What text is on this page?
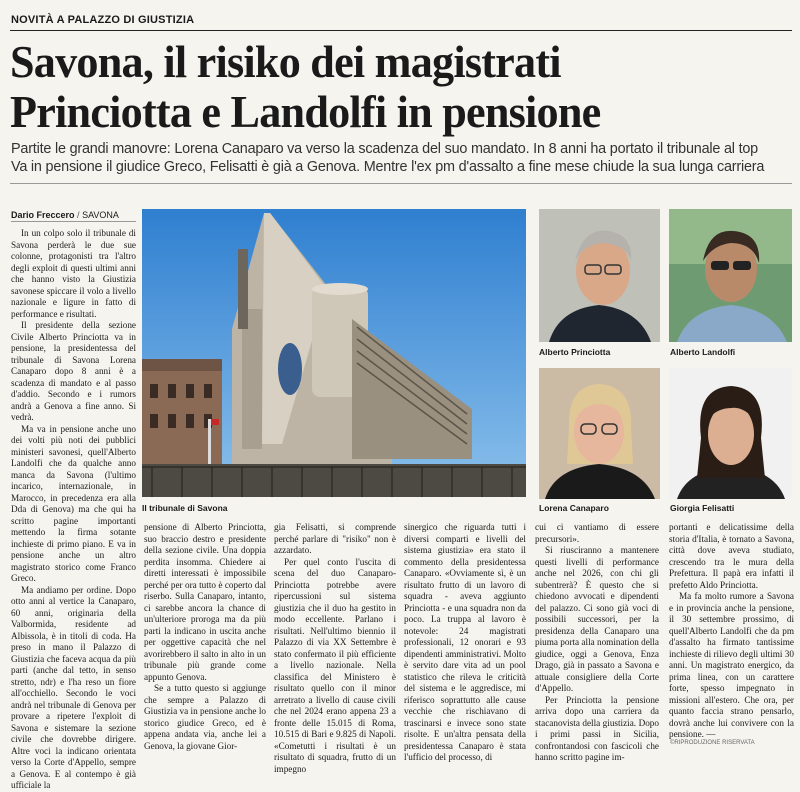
NOVITÀ A PALAZZO DI GIUSTIZIA
Savona, il risiko dei magistrati
Princiotta e Landolfi in pensione
Partite le grandi manovre: Lorena Canaparo va verso la scadenza del suo mandato. In 8 anni ha portato il tribunale al top
Va in pensione il giudice Greco, Felisatti è già a Genova. Mentre l'ex pm d'assalto a fine mese chiude la sua lunga carriera
Dario Freccero / SAVONA
Il tribunale di Savona
Alberto Princiotta	Alberto Landolfi
Lorena Canaparo	Giorgia Felisatti

In un colpo solo il tribunale di Savona perderà le due sue colonne, protagonisti tra l'altro degli exploit di questi ultimi anni che hanno visto la Giustizia savonese spiccare il volo a livello nazionale e ligure in fatto di performance e risultati.

Il presidente della sezione Civile Alberto Princiotta va in pensione, la presidentessa del tribunale di Savona Lorena Canaparo dopo 8 anni è a scadenza di mandato e al passo d'addio. Secondo e i rumors andrà a Genova a fine anno. Si vedrà.

Ma va in pensione anche uno dei volti più noti dei pubblici ministeri savonesi, quell'Alberto Landolfi che da qualche anno manca da Savona (l'ultimo incarico, internazionale, in Marocco, in precedenza era alla Dda di Genova) ma che qui ha scritto pagine importanti mettendo la firma sotante inchieste di primo piano. E va in pensione anche un altro magistrato storico come Franco Greco.

Ma andiamo per ordine. Dopo otto anni al vertice la Canaparo, 60 anni, originaria della Valbormida, residente ad Albissola, è in titoli di coda. Ha preso in mano il Palazzo di Giustizia che faceva acqua da più parti (anche dal tetto, in senso stretto, ndr) e l'ha reso un fiore all'occhiello. Secondo le voci andrà nel tribunale di Genova per provare a ripetere l'exploit di Savona e sistemare la sezione civile che dovrebbe dirigere. Altre voci la indicano orientata verso la Corte d'Appello, sempre a Genova. E al contempo è già ufficiale la

pensione di Alberto Princiotta, suo braccio destro e presidente della sezione civile. Una doppia perdita insomma. Chiedere ai diretti interessati è impossibile perché per ora tutto è coperto dal riserbo. Sulla Canaparo, intanto, ci sarebbe ancora la chance di un'ulteriore proroga ma da più parti la indicano in uscita anche per oggettive capacità che nel avorirebbero il salto in alto in un tribunale più grande come appunto Genova.

Se a tutto questo si aggiunge che sempre a Palazzo di Giustizia va in pensione anche lo storico giudice Greco, ed è appena andata via, anche lei a Genova, la giovane Gior-

gia Felisatti, si comprende perché parlare di "risiko" non è azzardato.

Per quel conto l'uscita di scena del duo Canaparo-Princiotta potrebbe avere ripercussioni sul sistema giustizia che il duo ha gestito in modo eccellente. Parlano i risultati. Nell'ultimo biennio il Palazzo di via XX Settembre è stato confermato il più efficiente a livello nazionale. Nella classifica del Ministero è risultato quello con il minor arretrato a livello di cause civili che nel 2024 erano appena 23 a fronte delle 15.015 di Roma, 10.515 di Bari e 9.825 di Napoli. «Cometutti i risultati è un risultato di squadra, frutto di un impegno

sinergico che riguarda tutti i diversi comparti e livelli del sistema giustizia» era stato il commento della presidentessa Canaparo. «Ovviamente sì, è un risultato frutto di un lavoro di squadra - aveva aggiunto Princiotta - e una squadra non da poco. La truppa al lavoro è notevole: 24 magistrati professionali, 12 onorari e 93 dipendenti amministrativi. Molto è servito dare vita ad un pool statistico che rileva le criticità del sistema e le aggredisce, mi riferisco soprattutto alle cause vecchie che rischiavano di trascinarsi e invece sono state risolte. E un'altra pensata della presidentessa Canaparo è stata l'ufficio del processo, di

cui ci vantiamo di essere precursori».

Si riusciranno a mantenere questi livelli di performance anche nel 2026, con chi gli subentrerà? È questo che si chiedono avvocati e dipendenti del palazzo. Ci sono già voci di possibili successori, per la presidenza della Canaparo una piuma porta alla nomination della giudice, oggi a Genova, Enza Drago, già in passato a Savona e attuale consigliere della Corte d'Appello.

Per Princiotta la pensione arriva dopo una carriera da stacanovista della giustizia. Dopo i primi passi in Sicilia, confrontandosi con fascicoli che hanno scritto pagine im-

portanti e delicatissime della storia d'Italia, è tornato a Savona, città dove aveva studiato, crescendo tra le mura della Prefettura. Il papà era infatti il prefetto Aldo Princiotta.

Ma fa molto rumore a Savona e in provincia anche la pensione, il 30 settembre prossimo, di quell'Alberto Landolfi che da pm d'assalto ha firmato tantissime inchieste di rilievo degli ultimi 30 anni. Un magistrato energico, da prima linea, con un carattere forte, spesso impegnato in missioni all'estero. Che ora, per quanto faccia strano pensarlo, dovrà anche lui convivere con la pensione. —

©RIPRODUZIONE RISERVATA
